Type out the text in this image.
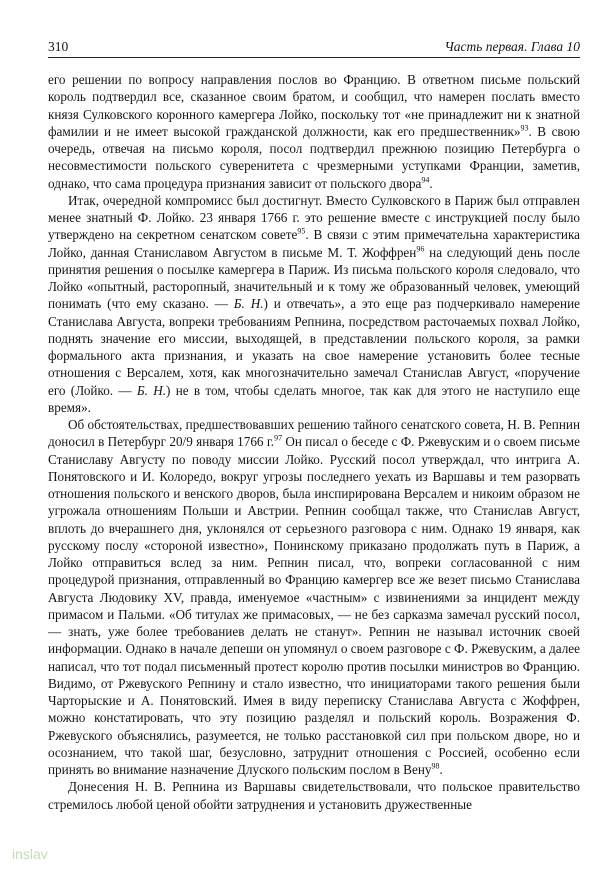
310	Часть первая. Глава 10

его решении по вопросу направления послов во Францию. В ответном письме польский король подтвердил все, сказанное своим братом, и сообщил, что намерен послать вместо князя Сулковского коронного камергера Лойко, поскольку тот «не принадлежит ни к знатной фамилии и не имеет высокой гражданской должности, как его предшественник»$^{93}$. В свою очередь, отвечая на письмо короля, посол подтвердил прежнюю позицию Петербурга о несовместимости польского суверенитета с чрезмерными уступками Франции, заметив, однако, что сама процедура признания зависит от польского двора$^{94}$.

Итак, очередной компромисс был достигнут. Вместо Сулковского в Париж был отправлен менее знатный Ф. Лойко. 23 января 1766 г. это решение вместе с инструкцией послу было утверждено на секретном сенатском совете$^{95}$. В связи с этим примечательна характеристика Лойко, данная Станиславом Августом в письме М. Т. Жоффрен$^{96}$ на следующий день после принятия решения о посылке камергера в Париж. Из письма польского короля следовало, что Лойко «опытный, расторопный, значительный и к тому же образованный человек, умеющий понимать (что ему сказано. — Б. Н.) и отвечать», а это еще раз подчеркивало намерение Станислава Августа, вопреки требованиям Репнина, посредством расточаемых похвал Лойко, поднять значение его миссии, выходящей, в представлении польского короля, за рамки формального акта признания, и указать на свое намерение установить более тесные отношения с Версалем, хотя, как многозначительно замечал Станислав Август, «поручение его (Лойко. — Б. Н.) не в том, чтобы сделать многое, так как для этого не наступило еще время».

Об обстоятельствах, предшествовавших решению тайного сенатского совета, Н. В. Репнин доносил в Петербург 20/9 января 1766 г.$^{97}$ Он писал о беседе с Ф. Ржевуским и о своем письме Станиславу Августу по поводу миссии Лойко. Русский посол утверждал, что интрига А. Понятовского и И. Колоредо, вокруг угрозы последнего уехать из Варшавы и тем разорвать отношения польского и венского дворов, была инспирирована Версалем и никоим образом не угрожала отношениям Польши и Австрии. Репнин сообщал также, что Станислав Август, вплоть до вчерашнего дня, уклонялся от серьезного разговора с ним. Однако 19 января, как русскому послу «стороной известно», Понинскому приказано продолжать путь в Париж, а Лойко отправиться вслед за ним. Репнин писал, что, вопреки согласованной с ним процедурой признания, отправленный во Францию камергер все же везет письмо Станислава Августа Людовику XV, правда, именуемое «частным» с извинениями за инцидент между примасом и Пальми. «Об титулах же примасовых, — не без сарказма замечал русский посол, — знать, уже более требованиев делать не станут». Репнин не называл источник своей информации. Однако в начале депеши он упомянул о своем разговоре с Ф. Ржевуским, а далее написал, что тот подал письменный протест королю против посылки министров во Францию. Видимо, от Ржевуского Репнину и стало известно, что инициаторами такого решения были Чарторыские и А. Понятовский. Имея в виду переписку Станислава Августа с Жоффрен, можно констатировать, что эту позицию разделял и польский король. Возражения Ф. Ржевуского объяснялись, разумеется, не только расстановкой сил при польском дворе, но и осознанием, что такой шаг, безусловно, затруднит отношения с Россией, особенно если принять во внимание назначение Длуского польским послом в Вену$^{98}$.

Донесения Н. В. Репнина из Варшавы свидетельствовали, что польское правительство стремилось любой ценой обойти затруднения и установить дружественные

inslav
